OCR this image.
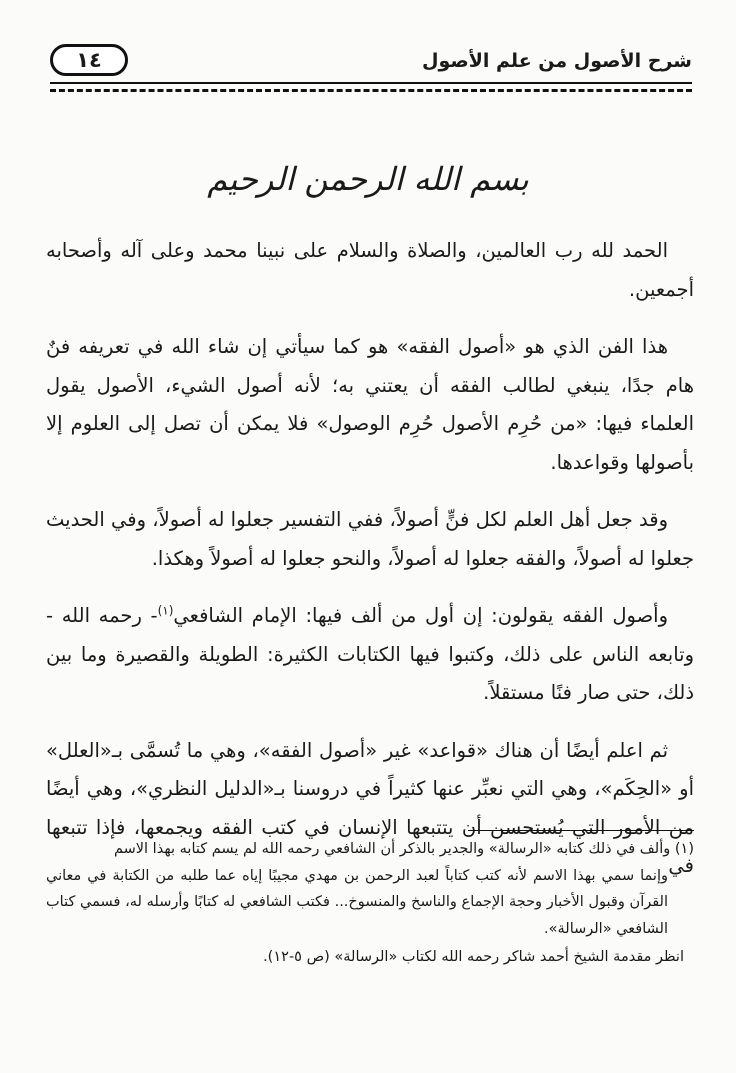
١٤	شرح الأصول من علم الأصول
بسم الله الرحمن الرحيم

الحمد لله رب العالمين، والصلاة والسلام على نبينا محمد وعلى آله وأصحابه أجمعين.

هذا الفن الذي هو «أصول الفقه» هو كما سيأتي إن شاء الله في تعريفه فنٌ هام جدًا، ينبغي لطالب الفقه أن يعتني به؛ لأنه أصول الشيء، الأصول يقول العلماء فيها: «من حُرِم الأصول حُرِم الوصول» فلا يمكن أن تصل إلى العلوم إلا بأصولها وقواعدها.

وقد جعل أهل العلم لكل فنٍّ أصولاً، ففي التفسير جعلوا له أصولاً، وفي الحديث جعلوا له أصولاً، والفقه جعلوا له أصولاً، والنحو جعلوا له أصولاً وهكذا.

وأصول الفقه يقولون: إن أول من ألف فيها: الإمام الشافعي$^{(١)}$- رحمه الله - وتابعه الناس على ذلك، وكتبوا فيها الكتابات الكثيرة: الطويلة والقصيرة وما بين ذلك، حتى صار فنًا مستقلاً.

ثم اعلم أيضًا أن هناك «قواعد» غير «أصول الفقه»، وهي ما تُسمَّى بـ«العلل» أو «الحِكَم»، وهي التي نعبِّر عنها كثيراً في دروسنا بـ«الدليل النظري»، وهي أيضًا من الأمور التي يُستحسن أن يتتبعها الإنسان في كتب الفقه ويجمعها، فإذا تتبعها في

(١) وألف في ذلك كتابه «الرسالة» والجدير بالذكر أن الشافعي رحمه الله لم يسم كتابه بهذا الاسم

وإنما سمي بهذا الاسم لأنه كتب كتاباً لعبد الرحمن بن مهدي مجيبًا إياه عما طلبه من الكتابة في معاني القرآن وقبول الأخبار وحجة الإجماع والناسخ والمنسوخ... فكتب الشافعي له كتابًا وأرسله له، فسمي كتاب الشافعي «الرسالة».

انظر مقدمة الشيخ أحمد شاكر رحمه الله لكتاب «الرسالة» (ص ٥-١٢).
